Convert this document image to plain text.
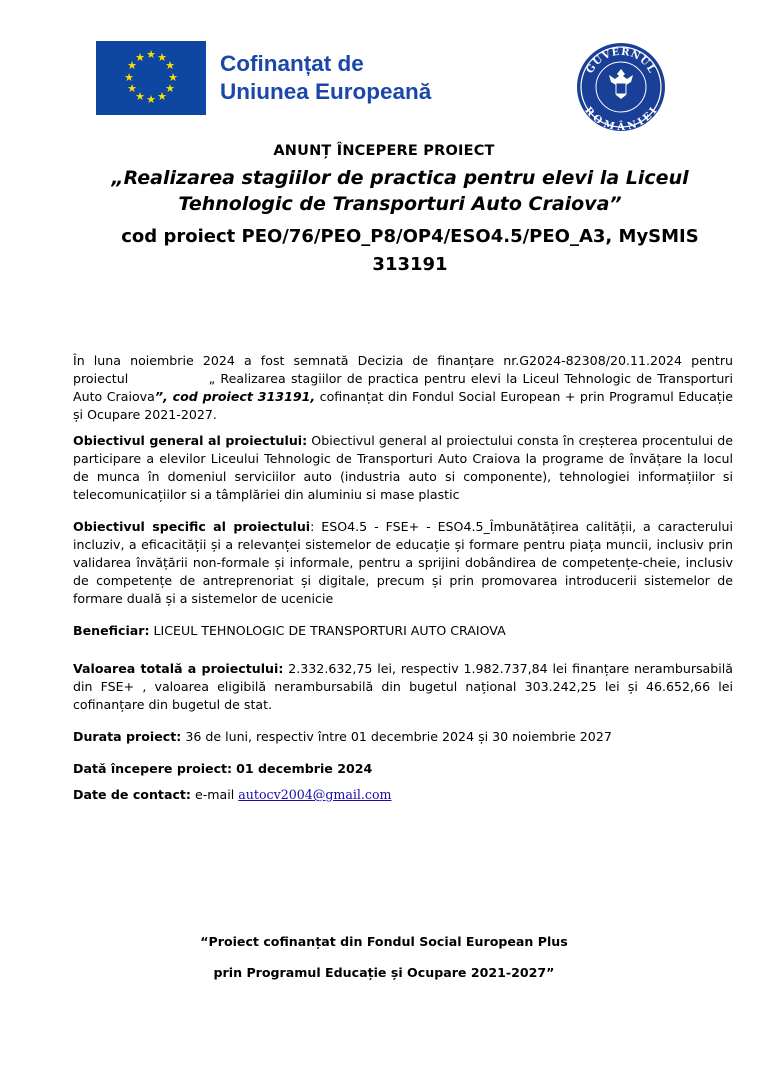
★ ★
★
★
★
★
★
★
★
★
★
★	Cofinanțat de
Uniunea Europeană
GUVERNUL
ROMÂNIEI
ANUNȚ ÎNCEPERE PROIECT
„Realizarea stagiilor de practica pentru elevi la Liceul Tehnologic de Transporturi Auto Craiova”
cod proiect PEO/76/PEO_P8/OP4/ESO4.5/PEO_A3, MySMIS 313191

În luna noiembrie 2024 a fost semnată Decizia de finanțare nr.G2024-82308/20.11.2024 pentru proiectul	„ Realizarea stagiilor de practica pentru elevi la Liceul Tehnologic de Transporturi Auto Craiova”, cod proiect 313191, cofinanțat din Fondul Social European + prin Programul Educație și Ocupare 2021-2027.

Obiectivul general al proiectului: Obiectivul general al proiectului consta în creșterea procentului de participare a elevilor Liceului Tehnologic de Transporturi Auto Craiova la programe de învățare la locul de munca în domeniul serviciilor auto (industria auto si componente), tehnologiei informațiilor si telecomunicațiilor si a tâmplăriei din aluminiu si mase plastic

Obiectivul specific al proiectului: ESO4.5 - FSE+ - ESO4.5_Îmbunătățirea calității, a caracterului incluziv, a eficacității și a relevanței sistemelor de educație și formare pentru piața muncii, inclusiv prin validarea învățării non-formale și informale, pentru a sprijini dobândirea de competențe-cheie, inclusiv de competențe de antreprenoriat și digitale, precum și prin promovarea introducerii sistemelor de formare duală și a sistemelor de ucenicie

Beneficiar: LICEUL TEHNOLOGIC DE TRANSPORTURI AUTO CRAIOVA

Valoarea totală a proiectului: 2.332.632,75 lei, respectiv 1.982.737,84 lei finanțare nerambursabilă din FSE+ , valoarea eligibilă nerambursabilă din bugetul național 303.242,25 lei și 46.652,66 lei cofinanțare din bugetul de stat.

Durata proiect: 36 de luni, respectiv între 01 decembrie 2024 și 30 noiembrie 2027

Dată începere proiect: 01 decembrie 2024

Date de contact: e-mail autocv2004@gmail.com

“Proiect cofinanțat din Fondul Social European Plus
prin Programul Educație și Ocupare 2021-2027”
